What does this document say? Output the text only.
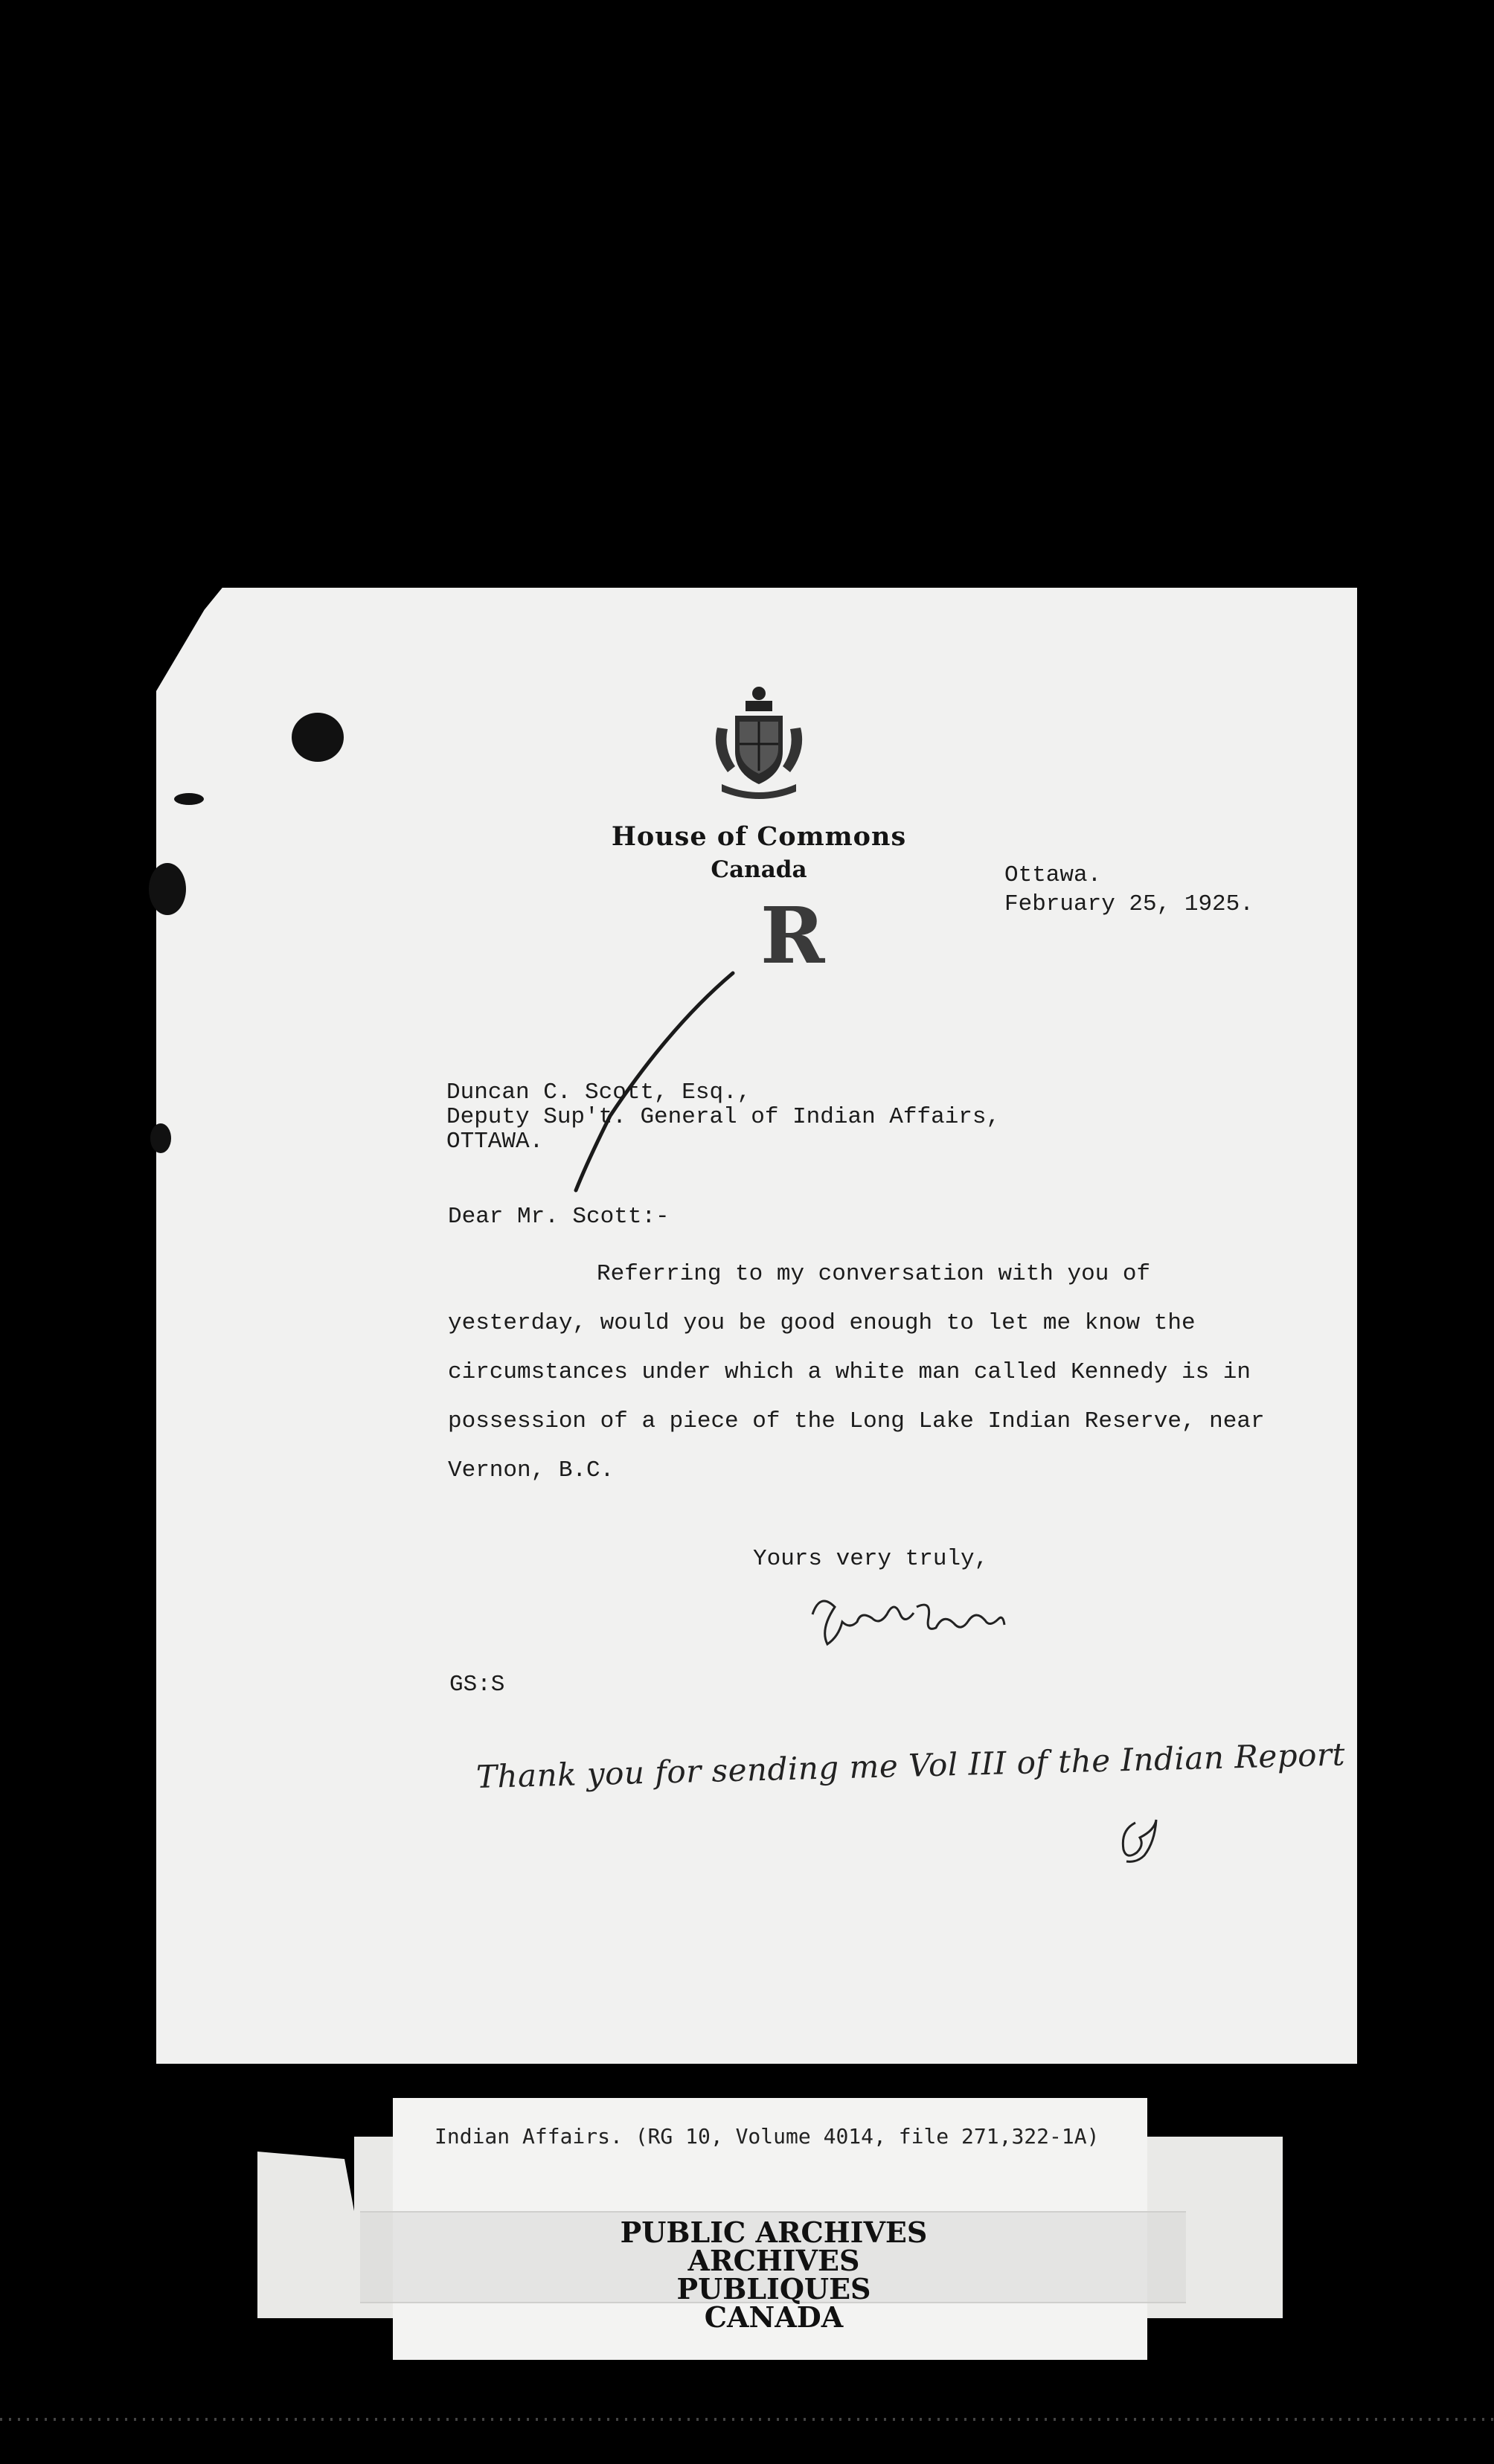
House of Commons
Canada	Ottawa.
February 25, 1925.
R
Duncan C. Scott, Esq.,
Deputy Sup't. General of Indian Affairs,
OTTAWA.
Dear Mr. Scott:-
Referring to my conversation with you of yesterday, would you be good enough to let me know the circumstances under which a white man called Kennedy is in possession of a piece of the Long Lake Indian Reserve, near Vernon, B.C.
Yours very truly,
GS:S
Thank you for sending me Vol III of the Indian Report
Indian Affairs. (RG 10, Volume 4014, file 271,322-1A)
PUBLIC ARCHIVES
ARCHIVES PUBLIQUES
CANADA
